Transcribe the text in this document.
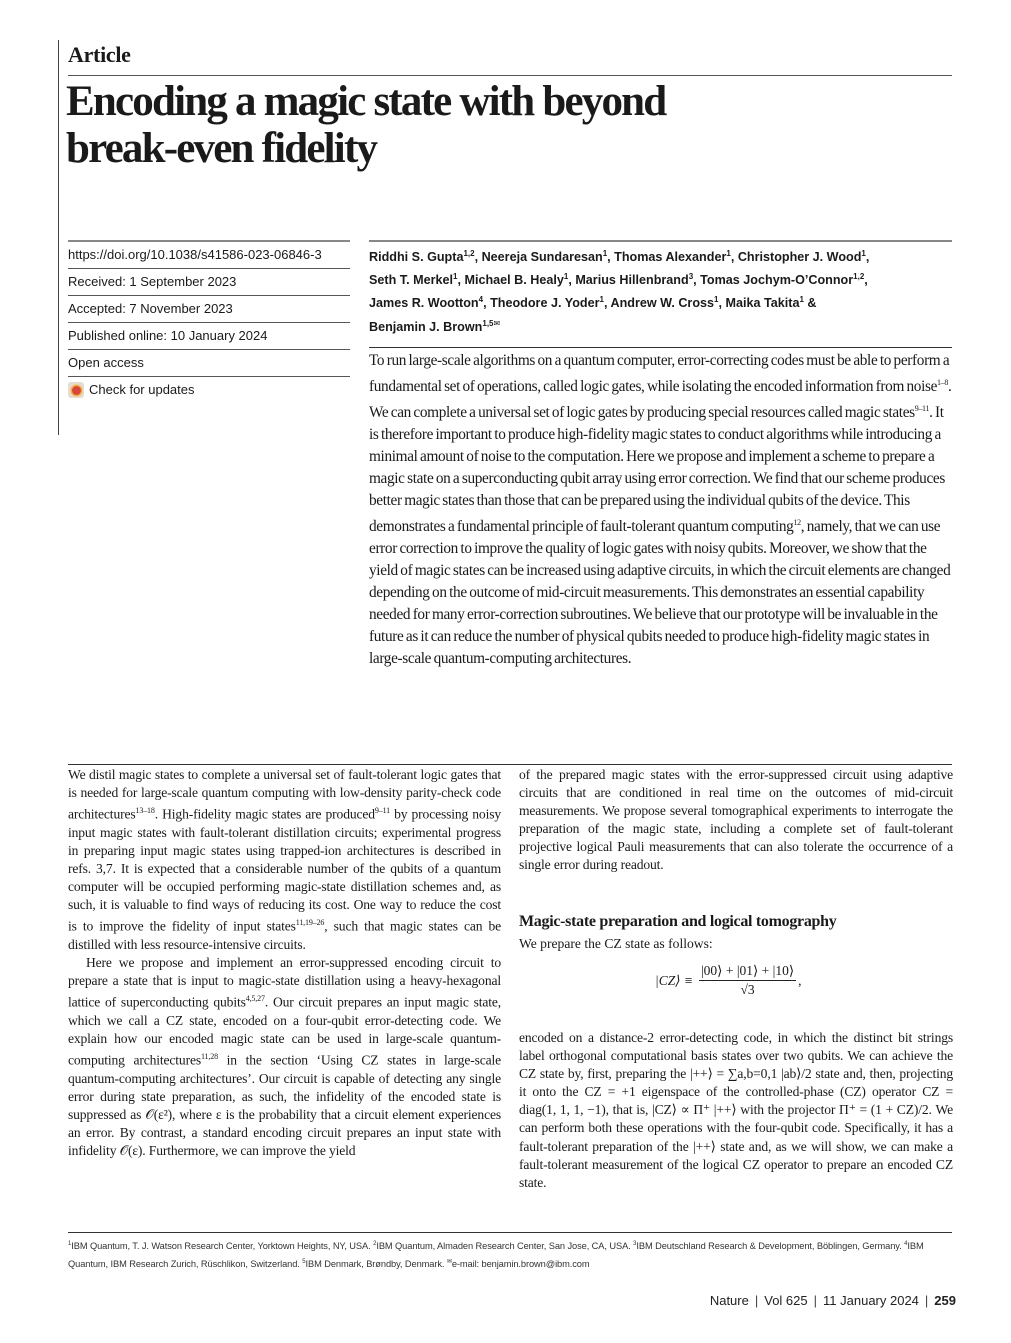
Article
Encoding a magic state with beyond
break-even fidelity
https://doi.org/10.1038/s41586-023-06846-3
Received: 1 September 2023
Accepted: 7 November 2023
Published online: 10 January 2024
Open access
Check for updates
Riddhi S. Gupta$^{1,2}$, Neereja Sundaresan$^1$, Thomas Alexander$^1$, Christopher J. Wood$^1$,
Seth T. Merkel$^1$, Michael B. Healy$^1$, Marius Hillenbrand$^3$, Tomas Jochym-O’Connor$^{1,2}$,
James R. Wootton$^4$, Theodore J. Yoder$^1$, Andrew W. Cross$^1$, Maika Takita$^1$ &
Benjamin J. Brown$^{1,5✉}$
To run large-scale algorithms on a quantum computer, error-correcting codes must be able to perform a fundamental set of operations, called logic gates, while isolating the encoded information from noise$^{1-8}$. We can complete a universal set of logic gates by producing special resources called magic states$^{9-11}$. It is therefore important to produce high-fidelity magic states to conduct algorithms while introducing a minimal amount of noise to the computation. Here we propose and implement a scheme to prepare a magic state on a superconducting qubit array using error correction. We find that our scheme produces better magic states than those that can be prepared using the individual qubits of the device. This demonstrates a fundamental principle of fault-tolerant quantum computing$^{12}$, namely, that we can use error correction to improve the quality of logic gates with noisy qubits. Moreover, we show that the yield of magic states can be increased using adaptive circuits, in which the circuit elements are changed depending on the outcome of mid-circuit measurements. This demonstrates an essential capability needed for many error-correction subroutines. We believe that our prototype will be invaluable in the future as it can reduce the number of physical qubits needed to produce high-fidelity magic states in large-scale quantum-computing architectures.

We distil magic states to complete a universal set of fault-tolerant logic gates that is needed for large-scale quantum computing with low-density parity-check code architectures$^{13-18}$. High-fidelity magic states are produced$^{9-11}$ by processing noisy input magic states with fault-tolerant distillation circuits; experimental progress in preparing input magic states using trapped-ion architectures is described in refs. 3,7. It is expected that a considerable number of the qubits of a quantum computer will be occupied performing magic-state distillation schemes and, as such, it is valuable to find ways of reducing its cost. One way to reduce the cost is to improve the fidelity of input states$^{11,19-26}$, such that magic states can be distilled with less resource-intensive circuits.

Here we propose and implement an error-suppressed encoding circuit to prepare a state that is input to magic-state distillation using a heavy-hexagonal lattice of superconducting qubits$^{4,5,27}$. Our circuit prepares an input magic state, which we call a CZ state, encoded on a four-qubit error-detecting code. We explain how our encoded magic state can be used in large-scale quantum-computing architectures$^{11,28}$ in the section ‘Using CZ states in large-scale quantum-computing architectures’. Our circuit is capable of detecting any single error during state preparation, as such, the infidelity of the encoded state is suppressed as 𝒪(ε²), where ε is the probability that a circuit element experiences an error. By contrast, a standard encoding circuit prepares an input state with infidelity 𝒪(ε). Furthermore, we can improve the yield

of the prepared magic states with the error-suppressed circuit using adaptive circuits that are conditioned in real time on the outcomes of mid-circuit measurements. We propose several tomographical experiments to interrogate the preparation of the magic state, including a complete set of fault-tolerant projective logical Pauli measurements that can also tolerate the occurrence of a single error during readout.

Magic-state preparation and logical tomography
We prepare the CZ state as follows:
|CZ⟩ ≡ $\frac{|00⟩ + |01⟩ + |10⟩}{√3}$ ,

encoded on a distance-2 error-detecting code, in which the distinct bit strings label orthogonal computational basis states over two qubits. We can achieve the CZ state by, first, preparing the |++⟩ = ∑a,b=0,1 |ab⟩/2 state and, then, projecting it onto the CZ = +1 eigenspace of the controlled-phase (CZ) operator CZ = diag(1, 1, 1, −1), that is, |CZ⟩ ∝ Π⁺ |++⟩ with the projector Π⁺ = (1 + CZ)/2. We can perform both these operations with the four-qubit code. Specifically, it has a fault-tolerant preparation of the |++⟩ state and, as we will show, we can make a fault-tolerant measurement of the logical CZ operator to prepare an encoded CZ state.

$^1$IBM Quantum, T. J. Watson Research Center, Yorktown Heights, NY, USA. $^2$IBM Quantum, Almaden Research Center, San Jose, CA, USA. $^3$IBM Deutschland Research & Development, Böblingen, Germany. $^4$IBM Quantum, IBM Research Zurich, Rüschlikon, Switzerland. $^5$IBM Denmark, Brøndby, Denmark. ✉e-mail: benjamin.brown@ibm.com
Nature | Vol 625 | 11 January 2024 | 259
